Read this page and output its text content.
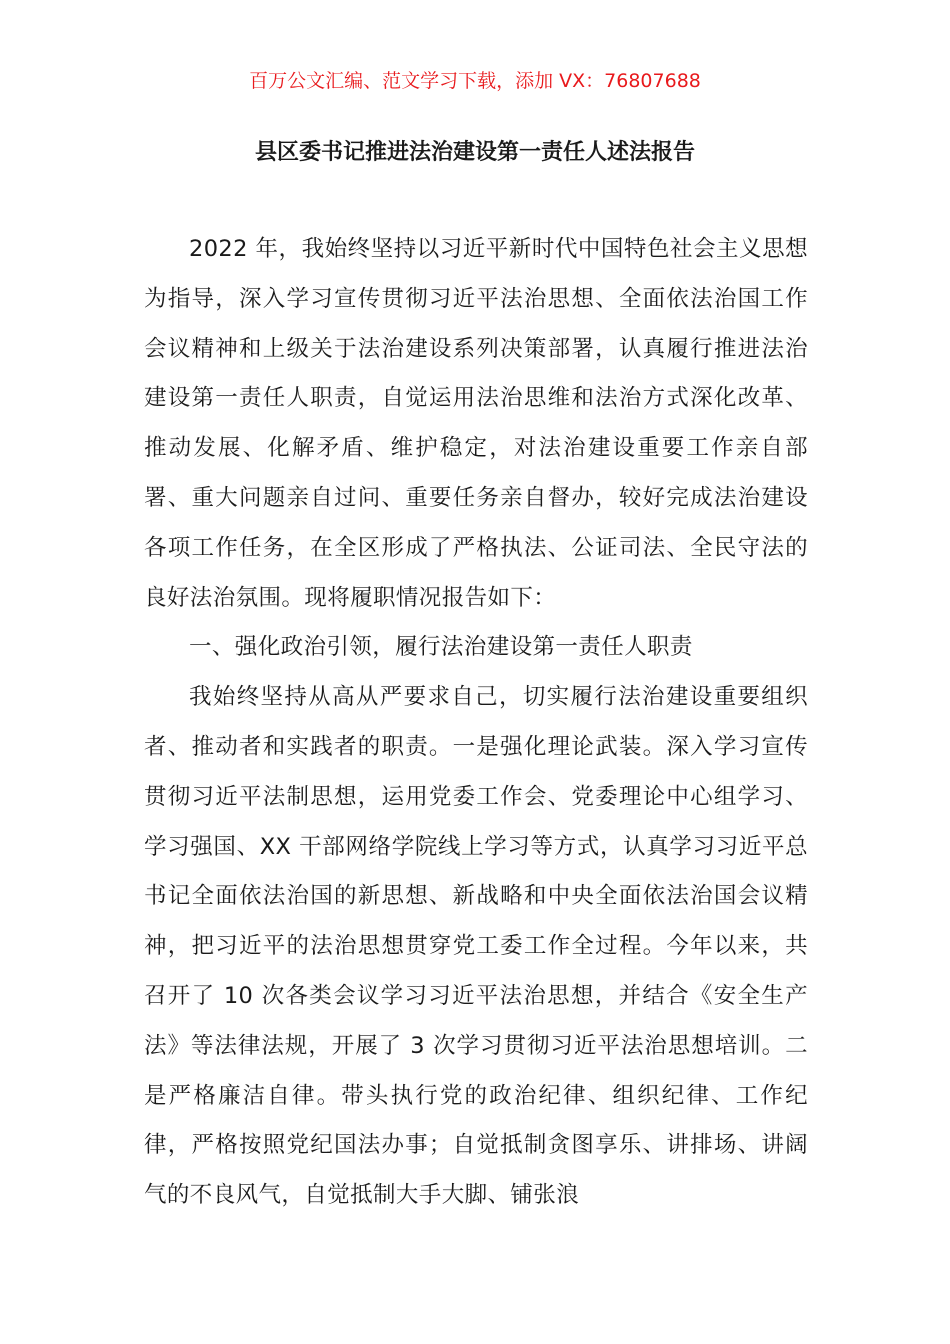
百万公文汇编、范文学习下载，添加 VX：76807688

县区委书记推进法治建设第一责任人述法报告

2022 年，我始终坚持以习近平新时代中国特色社会主义思想为指导，深入学习宣传贯彻习近平法治思想、全面依法治国工作会议精神和上级关于法治建设系列决策部署，认真履行推进法治建设第一责任人职责，自觉运用法治思维和法治方式深化改革、推动发展、化解矛盾、维护稳定，对法治建设重要工作亲自部署、重大问题亲自过问、重要任务亲自督办，较好完成法治建设各项工作任务，在全区形成了严格执法、公证司法、全民守法的良好法治氛围。现将履职情况报告如下：

一、强化政治引领，履行法治建设第一责任人职责

我始终坚持从高从严要求自己，切实履行法治建设重要组织者、推动者和实践者的职责。一是强化理论武装。深入学习宣传贯彻习近平法制思想，运用党委工作会、党委理论中心组学习、学习强国、XX 干部网络学院线上学习等方式，认真学习习近平总书记全面依法治国的新思想、新战略和中央全面依法治国会议精神，把习近平的法治思想贯穿党工委工作全过程。今年以来，共召开了 10 次各类会议学习习近平法治思想，并结合《安全生产法》等法律法规，开展了 3 次学习贯彻习近平法治思想培训。二是严格廉洁自律。带头执行党的政治纪律、组织纪律、工作纪律，严格按照党纪国法办事；自觉抵制贪图享乐、讲排场、讲阔气的不良风气，自觉抵制大手大脚、铺张浪
